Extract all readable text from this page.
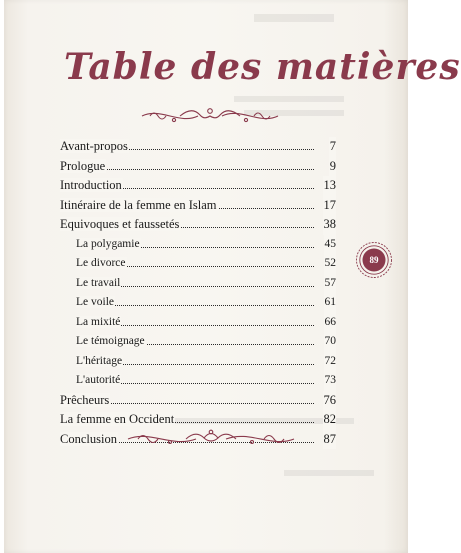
Table des matières
Avant-propos	7
Prologue	9
Introduction	13
Itinéraire de la femme en Islam	17
Equivoques et faussetés	38
La polygamie	45
Le divorce	52
Le travail	57
Le voile	61
La mixité	66
Le témoignage	70
L'héritage	72
L'autorité	73
Prêcheurs	76
La femme en Occident	82
Conclusion	87
89
